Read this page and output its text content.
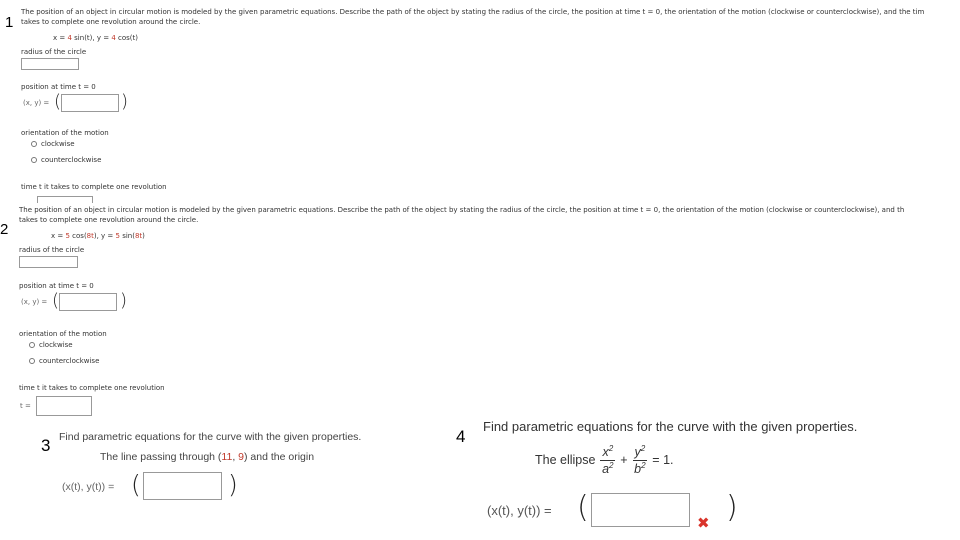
1
The position of an object in circular motion is modeled by the given parametric equations. Describe the path of the object by stating the radius of the circle, the position at time t = 0, the orientation of the motion (clockwise or counterclockwise), and the tim
takes to complete one revolution around the circle.
x = 4 sin(t), y = 4 cos(t)
radius of the circle
position at time t = 0
(x, y) = (	)
orientation of the motion
clockwise
counterclockwise
time t it takes to complete one revolution
2
The position of an object in circular motion is modeled by the given parametric equations. Describe the path of the object by stating the radius of the circle, the position at time t = 0, the orientation of the motion (clockwise or counterclockwise), and th
takes to complete one revolution around the circle.
x = 5 cos(8t), y = 5 sin(8t)
radius of the circle
position at time t = 0
(x, y) = (	)
orientation of the motion
clockwise
counterclockwise
time t it takes to complete one revolution
t =
3 Find parametric equations for the curve with the given properties.
The line passing through (11, 9) and the origin
(x(t), y(t)) = (	)
4
Find parametric equations for the curve with the given properties.
The ellipse $\frac{x^2}{a^2} + \frac{y^2}{b^2} = 1$.
(x(t), y(t)) = (	✖ )
